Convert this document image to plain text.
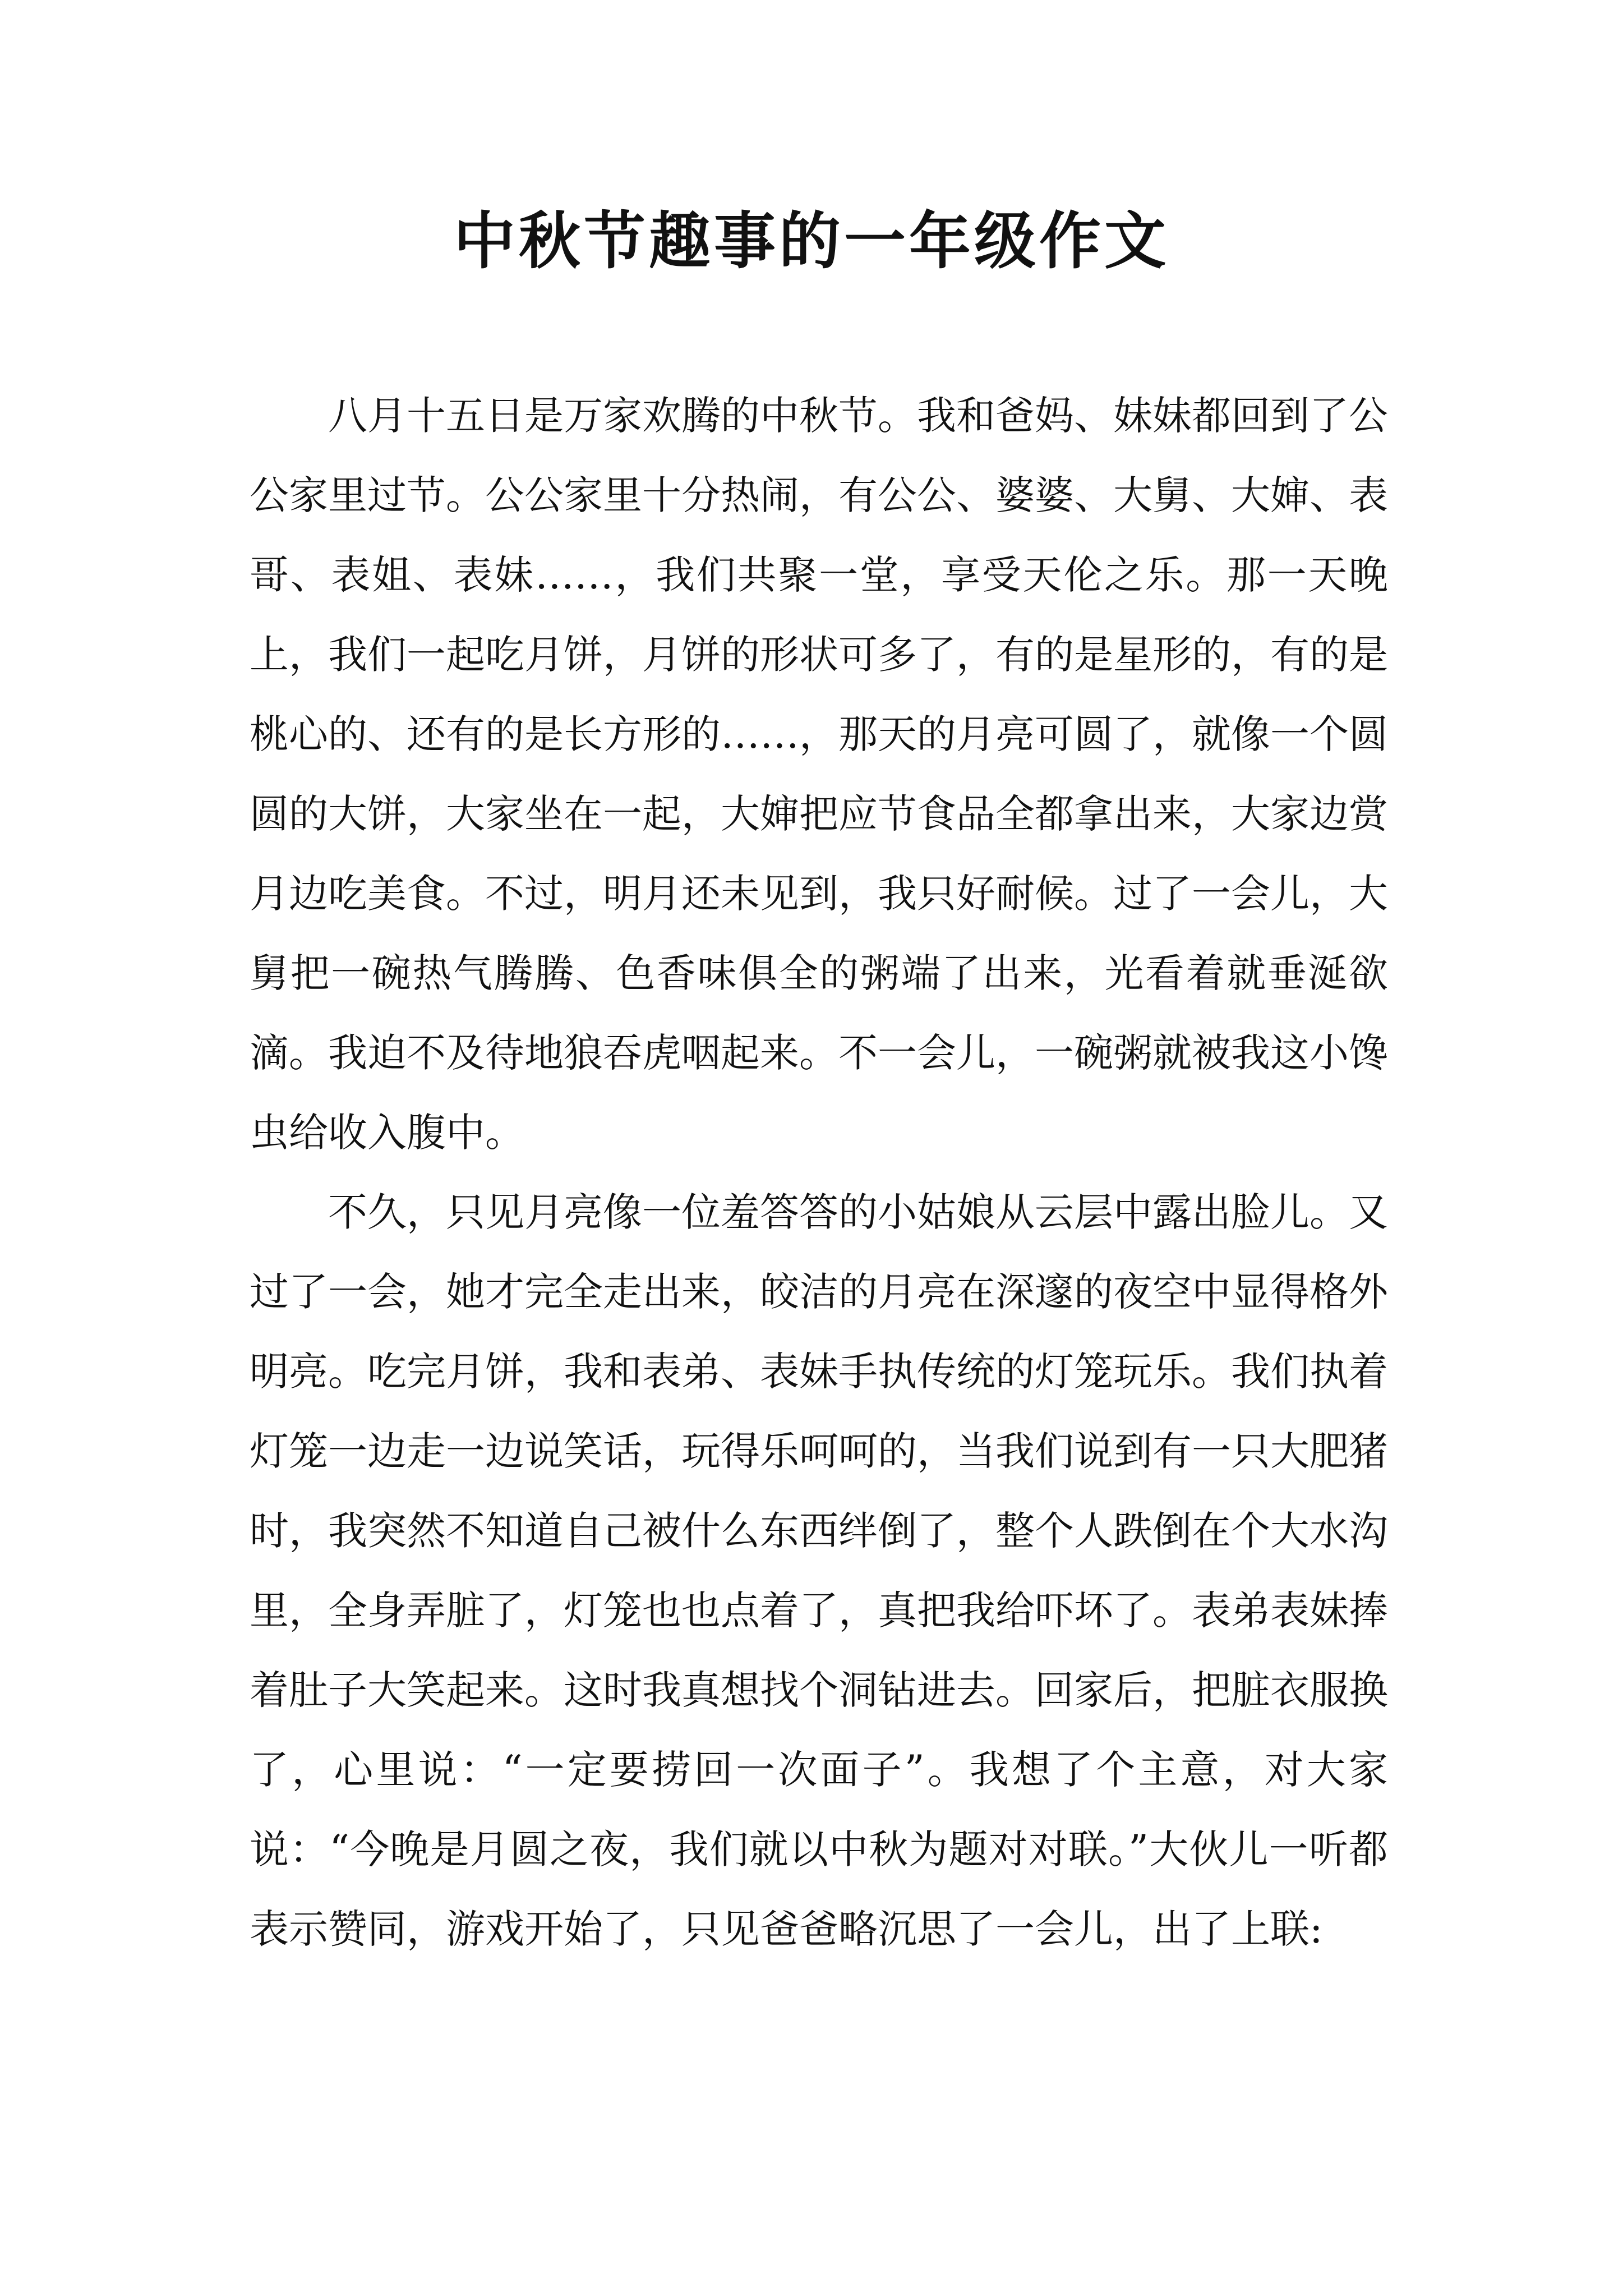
中秋节趣事的一年级作文

八月十五日是万家欢腾的中秋节。我和爸妈、妹妹都回到了公公家里过节。公公家里十分热闹，有公公、婆婆、大舅、大婶、表哥、表姐、表妹……，我们共聚一堂，享受天伦之乐。那一天晚上，我们一起吃月饼，月饼的形状可多了，有的是星形的，有的是桃心的、还有的是长方形的……，那天的月亮可圆了，就像一个圆圆的大饼，大家坐在一起，大婶把应节食品全都拿出来，大家边赏月边吃美食。不过，明月还未见到，我只好耐候。过了一会儿，大舅把一碗热气腾腾、色香味俱全的粥端了出来，光看着就垂涎欲滴。我迫不及待地狼吞虎咽起来。不一会儿，一碗粥就被我这小馋虫给收入腹中。

不久，只见月亮像一位羞答答的小姑娘从云层中露出脸儿。又过了一会，她才完全走出来，皎洁的月亮在深邃的夜空中显得格外明亮。吃完月饼，我和表弟、表妹手执传统的灯笼玩乐。我们执着灯笼一边走一边说笑话，玩得乐呵呵的，当我们说到有一只大肥猪时，我突然不知道自己被什么东西绊倒了，整个人跌倒在个大水沟里，全身弄脏了，灯笼也也点着了，真把我给吓坏了。表弟表妹捧着肚子大笑起来。这时我真想找个洞钻进去。回家后，把脏衣服换了，心里说：“一定要捞回一次面子”。我想了个主意，对大家说：“今晚是月圆之夜，我们就以中秋为题对对联。”大伙儿一听都表示赞同，游戏开始了，只见爸爸略沉思了一会儿，出了上联:
